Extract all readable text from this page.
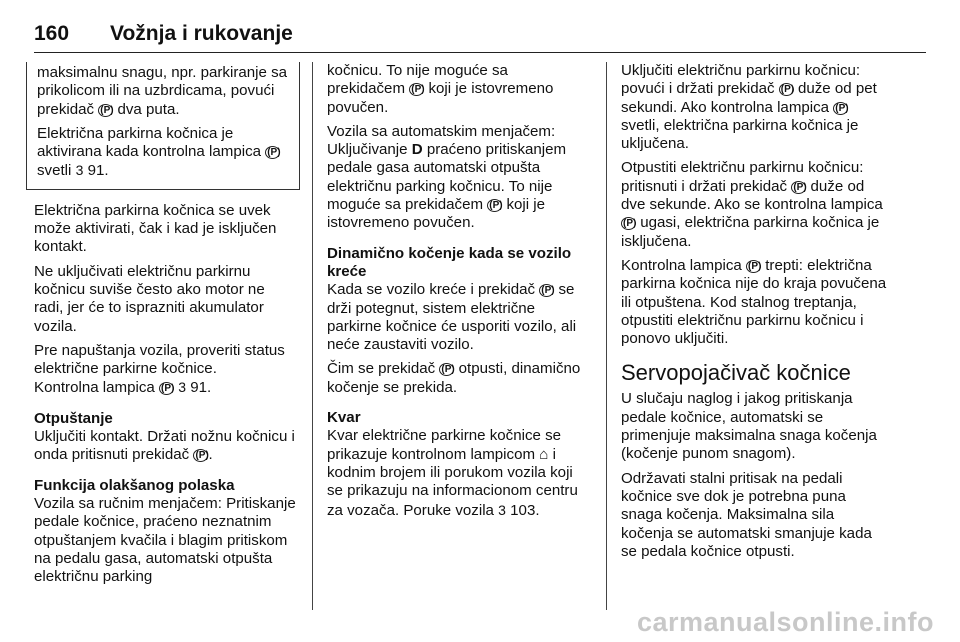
160 Vožnja i rukovanje

maksimalnu snagu, npr. parkiranje sa prikolicom ili na uzbrdicama, povući prekidač (P) dva puta.

Električna parkirna kočnica je aktivirana kada kontrolna lampica (P) svetli 3 91.

Električna parkirna kočnica se uvek može aktivirati, čak i kad je isključen kontakt.

Ne uključivati električnu parkirnu kočnicu suviše često ako motor ne radi, jer će to isprazniti akumulator vozila.

Pre napuštanja vozila, proveriti status električne parkirne kočnice.
Kontrolna lampica (P) 3 91.

Otpuštanje

Uključiti kontakt. Držati nožnu kočnicu i onda pritisnuti prekidač (P).

Funkcija olakšanog polaska

Vozila sa ručnim menjačem: Pritiskanje pedale kočnice, praćeno neznatnim otpuštanjem kvačila i blagim pritiskom na pedalu gasa, automatski otpušta električnu parking

kočnicu. To nije moguće sa prekidačem (P) koji je istovremeno povučen.

Vozila sa automatskim menjačem: Uključivanje D praćeno pritiskanjem pedale gasa automatski otpušta električnu parking kočnicu. To nije moguće sa prekidačem (P) koji je istovremeno povučen.

Dinamično kočenje kada se vozilo kreće

Kada se vozilo kreće i prekidač (P) se drži potegnut, sistem električne parkirne kočnice će usporiti vozilo, ali neće zaustaviti vozilo.

Čim se prekidač (P) otpusti, dinamično kočenje se prekida.

Kvar

Kvar električne parkirne kočnice se prikazuje kontrolnom lampicom ⌂ i kodnim brojem ili porukom vozila koji se prikazuju na informacionom centru za vozača. Poruke vozila 3 103.

Uključiti električnu parkirnu kočnicu: povući i držati prekidač (P) duže od pet sekundi. Ako kontrolna lampica (P) svetli, električna parkirna kočnica je uključena.

Otpustiti električnu parkirnu kočnicu: pritisnuti i držati prekidač (P) duže od dve sekunde. Ako se kontrolna lampica (P) ugasi, električna parkirna kočnica je isključena.

Kontrolna lampica (P) trepti: električna parkirna kočnica nije do kraja povučena ili otpuštena. Kod stalnog treptanja, otpustiti električnu parkirnu kočnicu i ponovo uključiti.

Servopojačivač kočnice

U slučaju naglog i jakog pritiskanja pedale kočnice, automatski se primenjuje maksimalna snaga kočenja (kočenje punom snagom).

Održavati stalni pritisak na pedali kočnice sve dok je potrebna puna snaga kočenja. Maksimalna sila kočenja se automatski smanjuje kada se pedala kočnice otpusti.

carmanualsonline.info
